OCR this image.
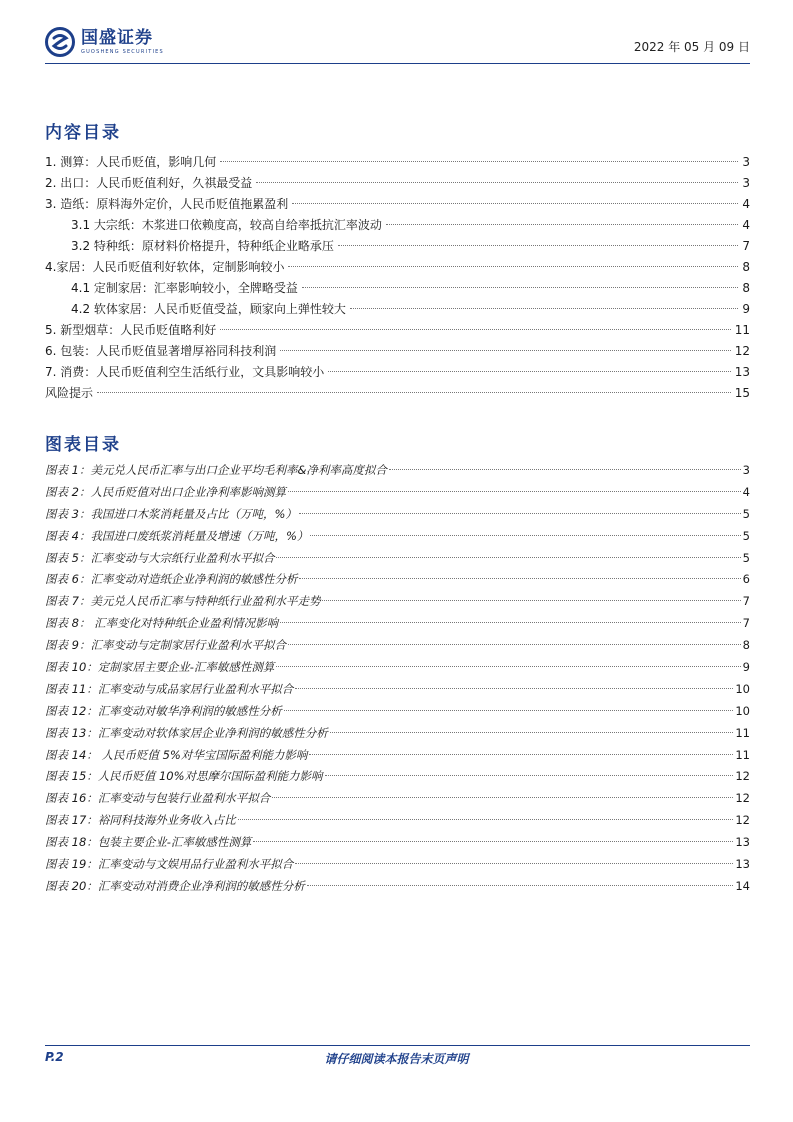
国盛证券
GUOSHENG SECURITIES	2022 年 05 月 09 日
内容目录
1. 测算：人民币贬值，影响几何	3
2. 出口：人民币贬值利好，久祺最受益	3
3. 造纸：原料海外定价，人民币贬值拖累盈利	4
3.1 大宗纸：木浆进口依赖度高，较高自给率抵抗汇率波动	4
3.2 特种纸：原材料价格提升，特种纸企业略承压	7
4.家居：人民币贬值利好软体，定制影响较小	8
4.1 定制家居：汇率影响较小，全牌略受益	8
4.2 软体家居：人民币贬值受益，顾家向上弹性较大	9
5. 新型烟草：人民币贬值略利好	11
6. 包装：人民币贬值显著增厚裕同科技利润	12
7. 消费：人民币贬值利空生活纸行业，文具影响较小	13
风险提示	15
图表目录
图表 1：美元兑人民币汇率与出口企业平均毛利率&净利率高度拟合	3
图表 2：人民币贬值对出口企业净利率影响测算	4
图表 3：我国进口木浆消耗量及占比（万吨，%）	5
图表 4：我国进口废纸浆消耗量及增速（万吨，%）	5
图表 5：汇率变动与大宗纸行业盈利水平拟合	5
图表 6：汇率变动对造纸企业净利润的敏感性分析	6
图表 7：美元兑人民币汇率与特种纸行业盈利水平走势	7
图表 8： 汇率变化对特种纸企业盈利情况影响	7
图表 9：汇率变动与定制家居行业盈利水平拟合	8
图表 10：定制家居主要企业-汇率敏感性测算	9
图表 11：汇率变动与成品家居行业盈利水平拟合	10
图表 12：汇率变动对敏华净利润的敏感性分析	10
图表 13：汇率变动对软体家居企业净利润的敏感性分析	11
图表 14： 人民币贬值 5%对华宝国际盈利能力影响	11
图表 15：人民币贬值 10%对思摩尔国际盈利能力影响	12
图表 16：汇率变动与包装行业盈利水平拟合	12
图表 17：裕同科技海外业务收入占比	12
图表 18：包装主要企业-汇率敏感性测算	13
图表 19：汇率变动与文娱用品行业盈利水平拟合	13
图表 20：汇率变动对消费企业净利润的敏感性分析	14
P.2	请仔细阅读本报告末页声明
